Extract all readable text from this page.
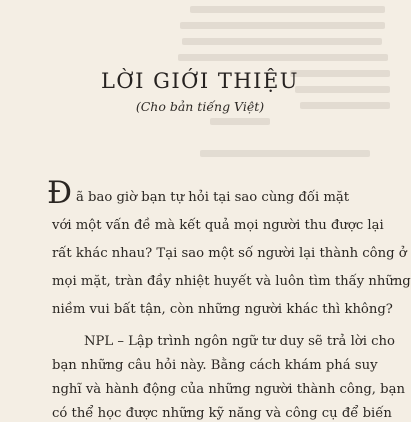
LỜI GIỚI THIỆU

(Cho bản tiếng Việt)

Đ ã bao giờ bạn tự hỏi tại sao cùng đối mặt

với một vấn đề mà kết quả mọi người thu được lại

rất khác nhau? Tại sao một số người lại thành công ở

mọi mặt, tràn đầy nhiệt huyết và luôn tìm thấy những

niềm vui bất tận, còn những người khác thì không?

NPL – Lập trình ngôn ngữ tư duy sẽ trả lời cho

bạn những câu hỏi này. Bằng cách khám phá suy

nghĩ và hành động của những người thành công, bạn

có thể học được những kỹ năng và công cụ để biến
